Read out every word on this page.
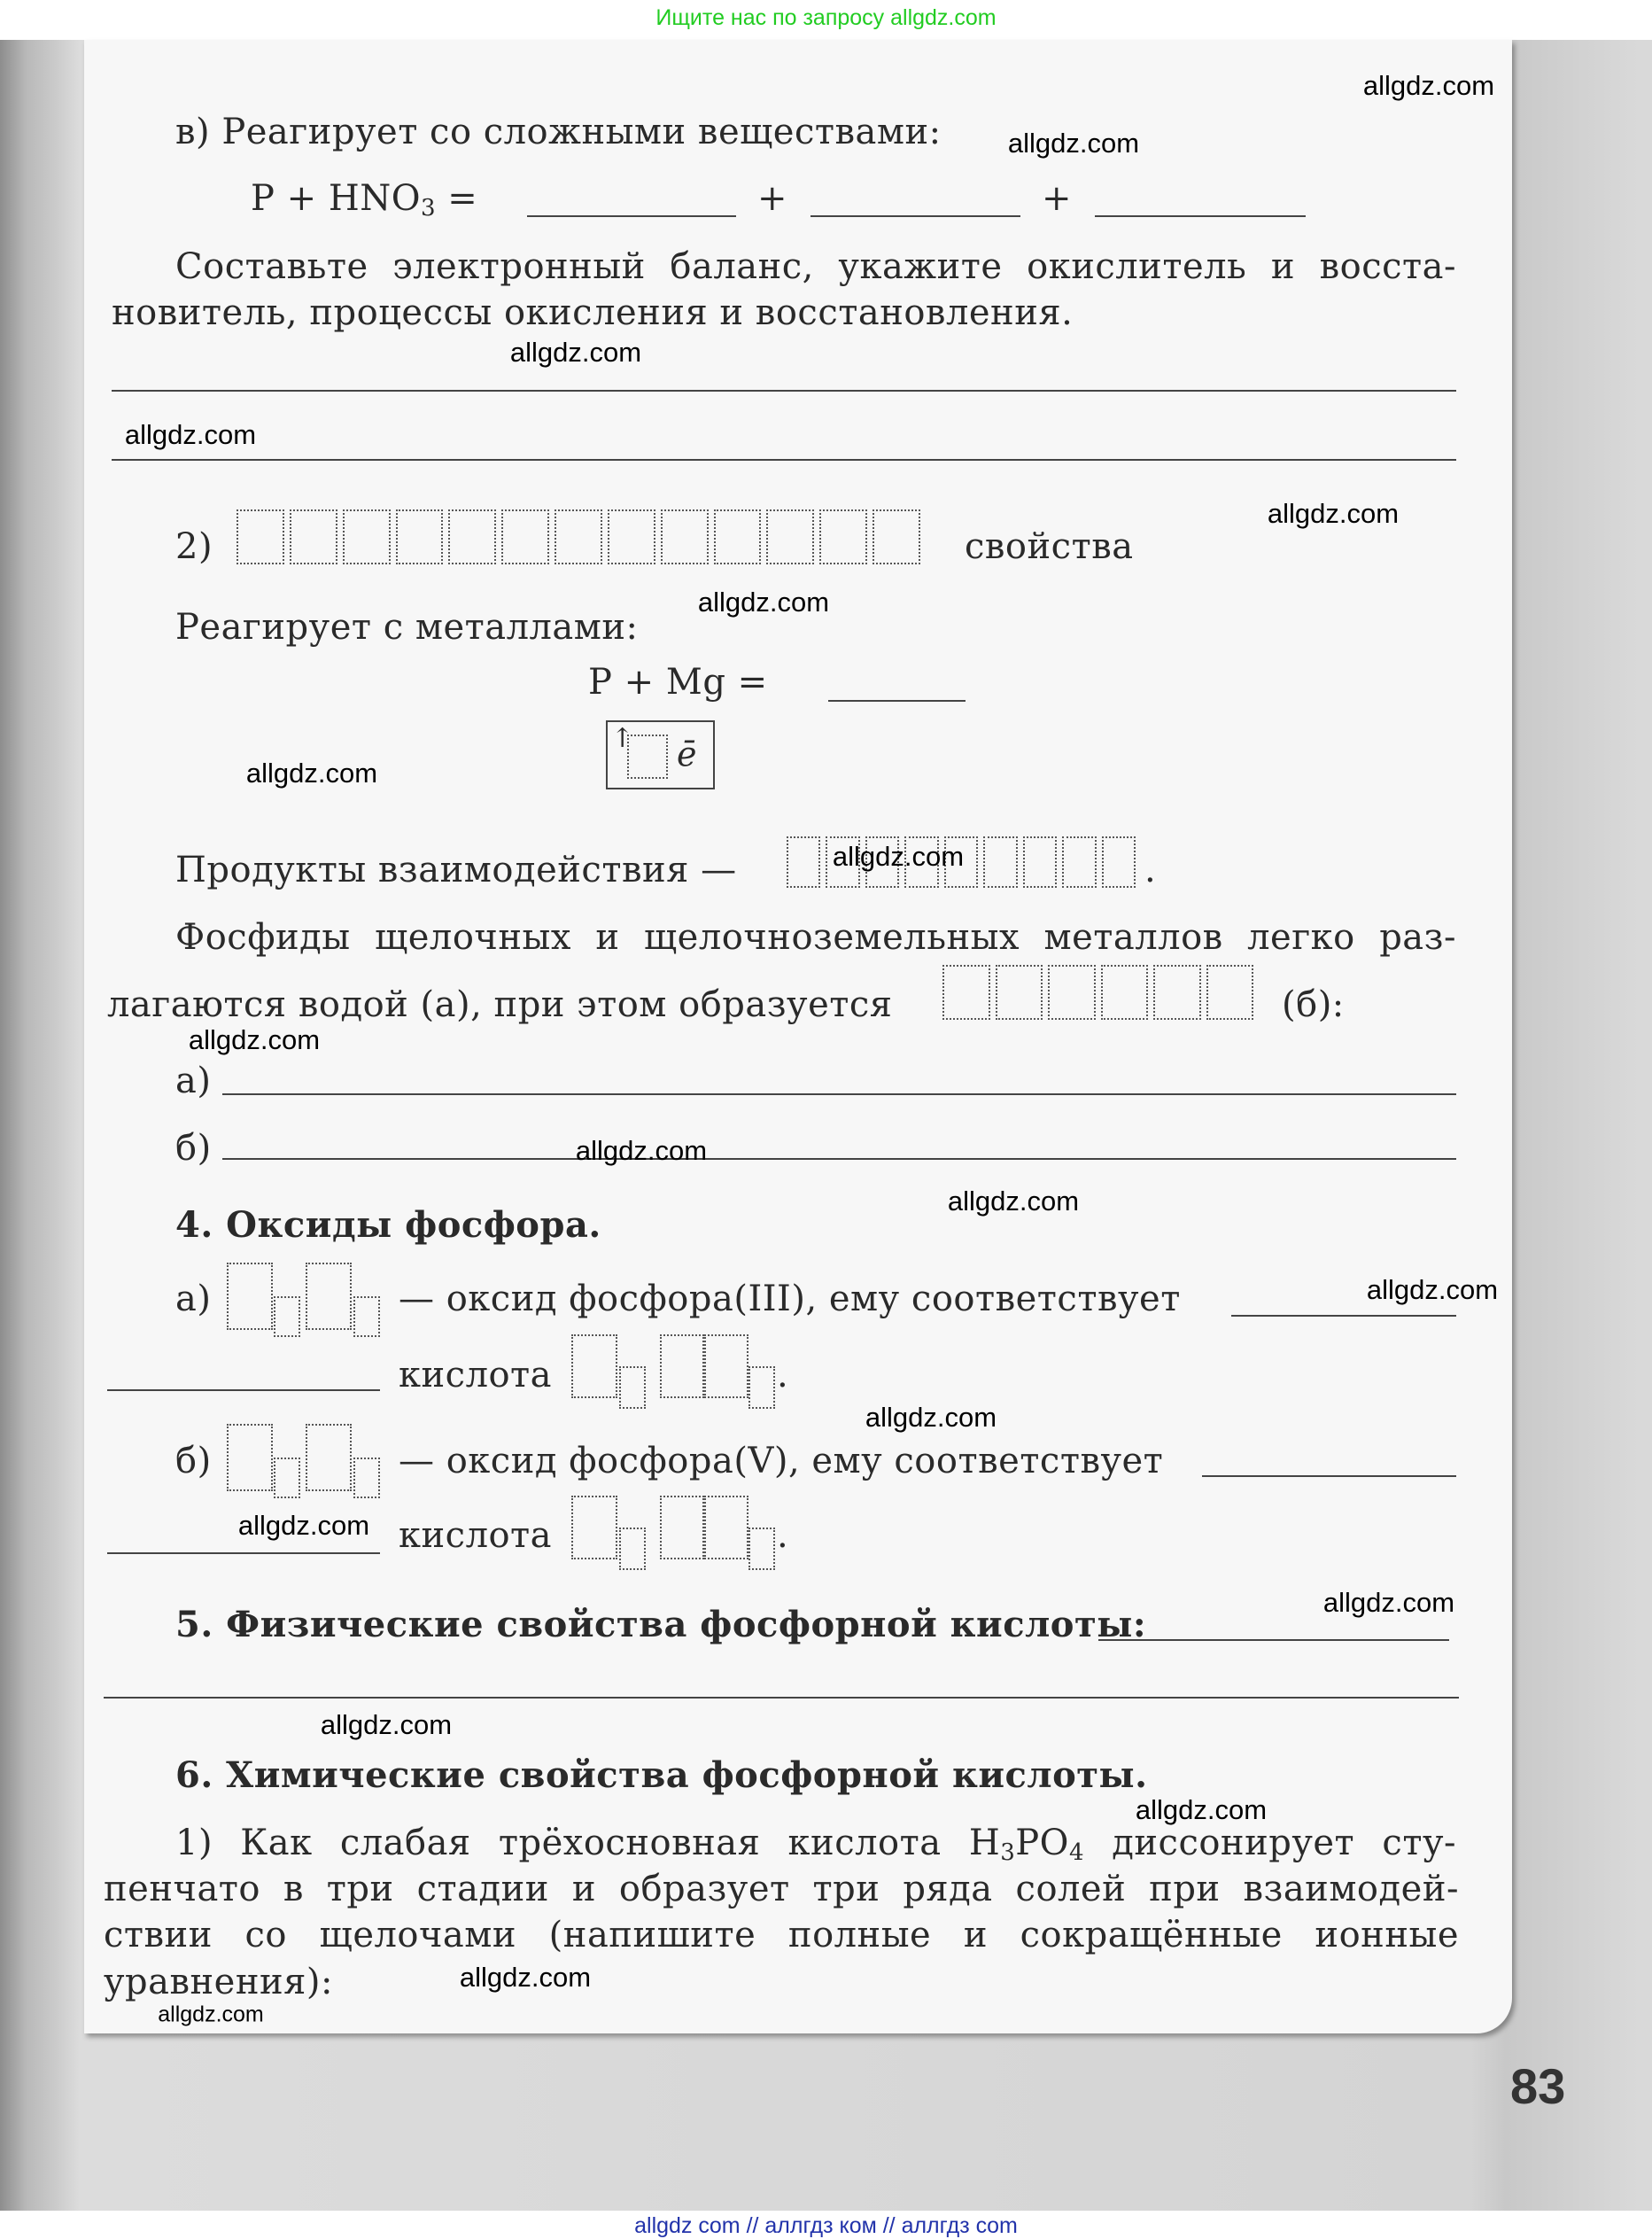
Ищите нас по запросу allgdz.com
в) Реагирует со сложными веществами:
$P + HNO_3$ =	+	+
Составьте электронный баланс, укажите окислитель и восста-
новитель, процессы окисления и восстановления.
2)	свойства
Реагирует с металлами:
P + Mg =
↑ ē
Продукты взаимодействия —	.
Фосфиды щелочных и щелочноземельных металлов легко раз-
лагаются водой (а), при этом образуется	(б):
а)
б)
4. Оксиды фосфора.
а)	— оксид фосфора(III), ему соответствует
кислота	.
б)	— оксид фосфора(V), ему соответствует
кислота	.
5. Физические свойства фосфорной кислоты:
6. Химические свойства фосфорной кислоты.
1) Как слабая трёхосновная кислота $H_3PO_4$ диссонирует сту-
пенчато в три стадии и образует три ряда солей при взаимодей-
ствии со щелочами (напишите полные и сокращённые ионные
уравнения):
83
allgdz.com
allgdz.com
allgdz.com
allgdz.com
allgdz.com
allgdz.com
allgdz.com
allgdz.com
allgdz.com
allgdz.com
allgdz.com
allgdz.com
allgdz.com
allgdz.com
allgdz.com
allgdz.com
allgdz.com
allgdz.com
allgdz.com
allgdz com // аллгдз ком // аллгдз com
